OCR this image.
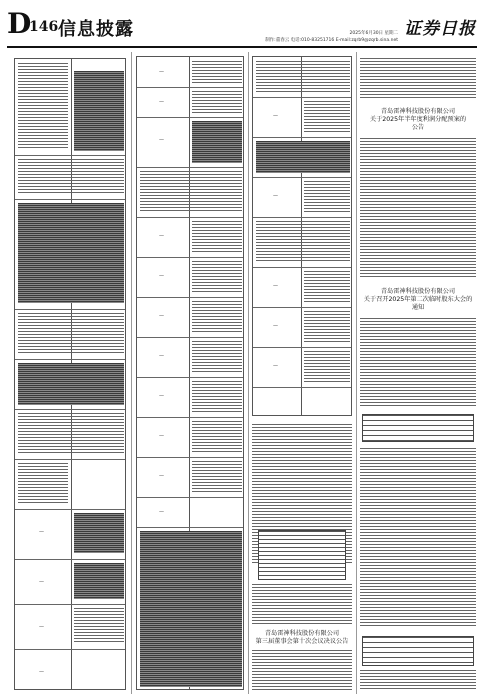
D
146 信息披露	2025年6月30日 星期二
制作:董春云 电话:010-83251716 E-mail:zqrb9@zqrb.sina.net
证券日报
—
—
—
—
—
—
—
—
—
—
—
—
—
—
—
—
—
—
—
—
青岛雷神科技股份有限公司
第三届董事会第十次会议决议公告
青岛雷神科技股份有限公司
关于2025年半年度利润分配预案的
公告
青岛雷神科技股份有限公司
关于召开2025年第二次临时股东大会的
通知
